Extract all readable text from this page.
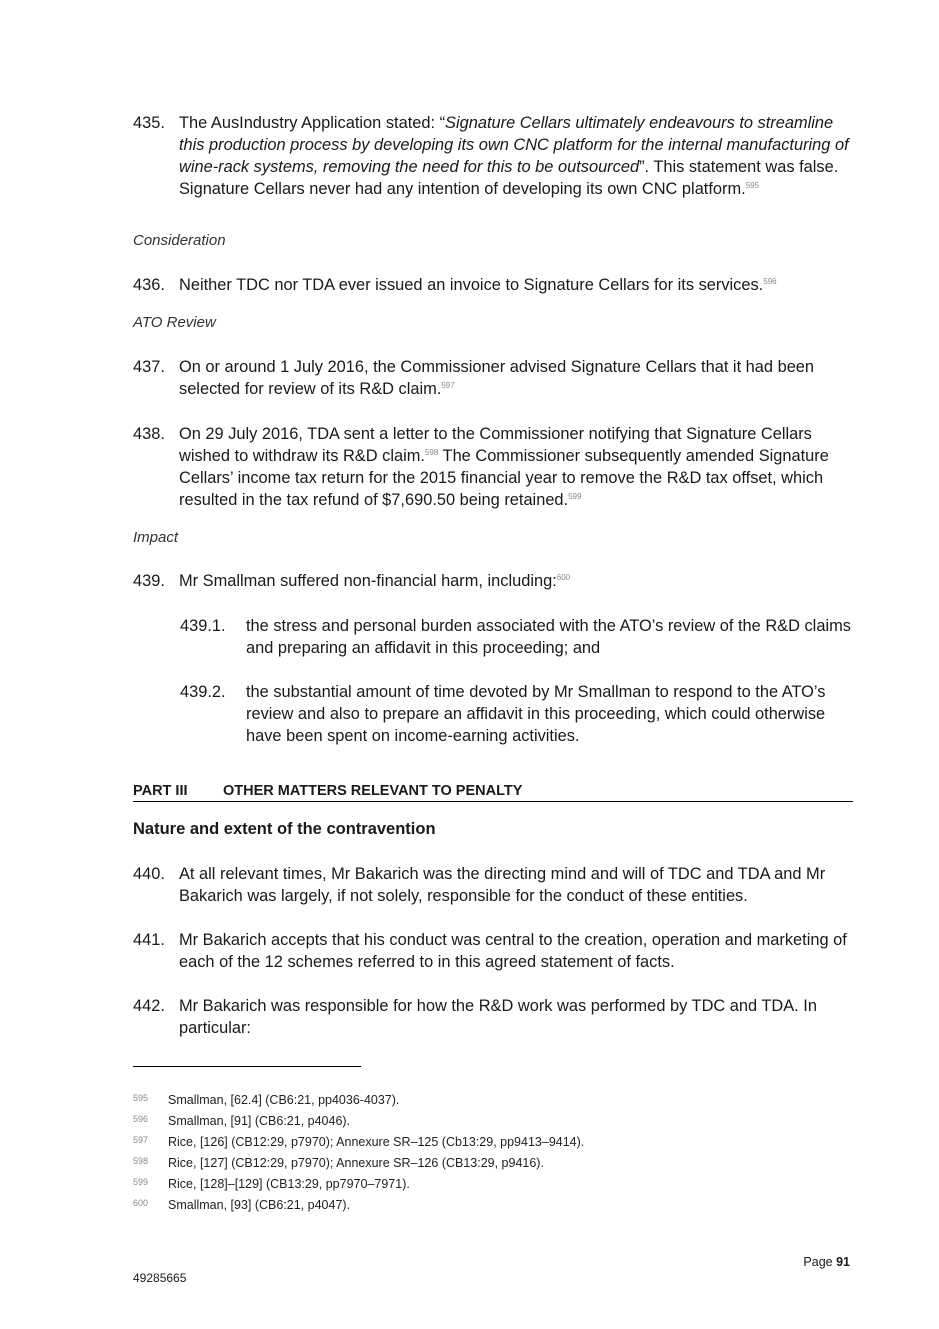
435. The AusIndustry Application stated: “Signature Cellars ultimately endeavours to streamline this production process by developing its own CNC platform for the internal manufacturing of wine-rack systems, removing the need for this to be outsourced”. This statement was false. Signature Cellars never had any intention of developing its own CNC platform.$^{595}$
Consideration
436. Neither TDC nor TDA ever issued an invoice to Signature Cellars for its services.$^{596}$
ATO Review
437. On or around 1 July 2016, the Commissioner advised Signature Cellars that it had been selected for review of its R&D claim.$^{597}$
438. On 29 July 2016, TDA sent a letter to the Commissioner notifying that Signature Cellars wished to withdraw its R&D claim.$^{598}$ The Commissioner subsequently amended Signature Cellars’ income tax return for the 2015 financial year to remove the R&D tax offset, which resulted in the tax refund of $7,690.50 being retained.$^{599}$
Impact
439. Mr Smallman suffered non-financial harm, including:$^{600}$
439.1. the stress and personal burden associated with the ATO’s review of the R&D claims and preparing an affidavit in this proceeding; and
439.2. the substantial amount of time devoted by Mr Smallman to respond to the ATO’s review and also to prepare an affidavit in this proceeding, which could otherwise have been spent on income-earning activities.
PART III OTHER MATTERS RELEVANT TO PENALTY
Nature and extent of the contravention
440. At all relevant times, Mr Bakarich was the directing mind and will of TDC and TDA and Mr Bakarich was largely, if not solely, responsible for the conduct of these entities.
441. Mr Bakarich accepts that his conduct was central to the creation, operation and marketing of each of the 12 schemes referred to in this agreed statement of facts.
442. Mr Bakarich was responsible for how the R&D work was performed by TDC and TDA. In particular:
595 Smallman, [62.4] (CB6:21, pp4036-4037).
596 Smallman, [91] (CB6:21, p4046).
597 Rice, [126] (CB12:29, p7970); Annexure SR–125 (Cb13:29, pp9413–9414).
598 Rice, [127] (CB12:29, p7970); Annexure SR–126 (CB13:29, p9416).
599 Rice, [128]–[129] (CB13:29, pp7970–7971).
600 Smallman, [93] (CB6:21, p4047).
Page 91
49285665
